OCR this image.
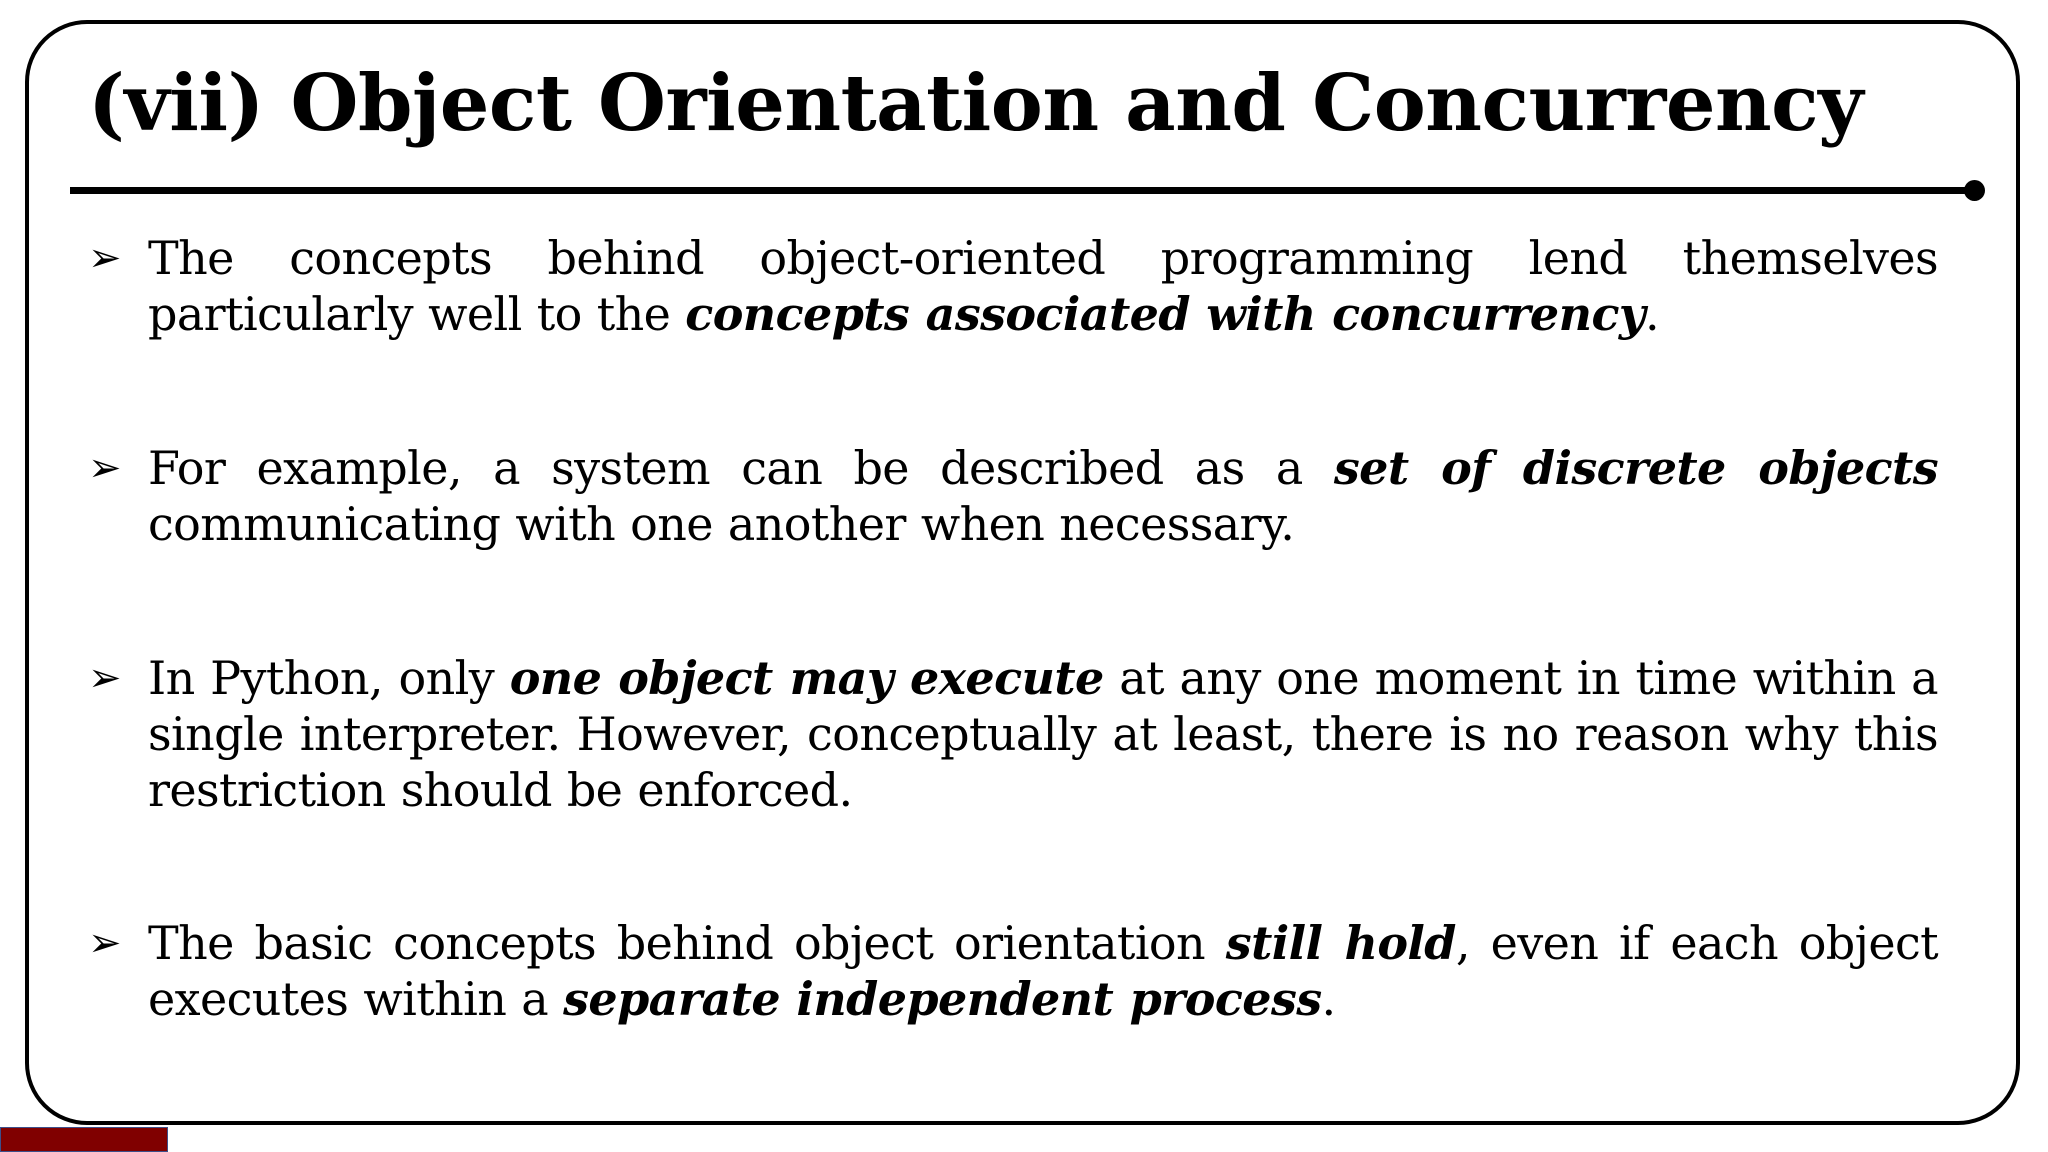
(vii) Object Orientation and Concurrency
➢ The concepts behind object-oriented programming lend themselves particularly well to the concepts associated with concurrency.
➢ For example, a system can be described as a set of discrete objects communicating with one another when necessary.
➢ In Python, only one object may execute at any one moment in time within a single interpreter. However, conceptually at least, there is no reason why this restriction should be enforced.
➢ The basic concepts behind object orientation still hold, even if each object executes within a separate independent process.
